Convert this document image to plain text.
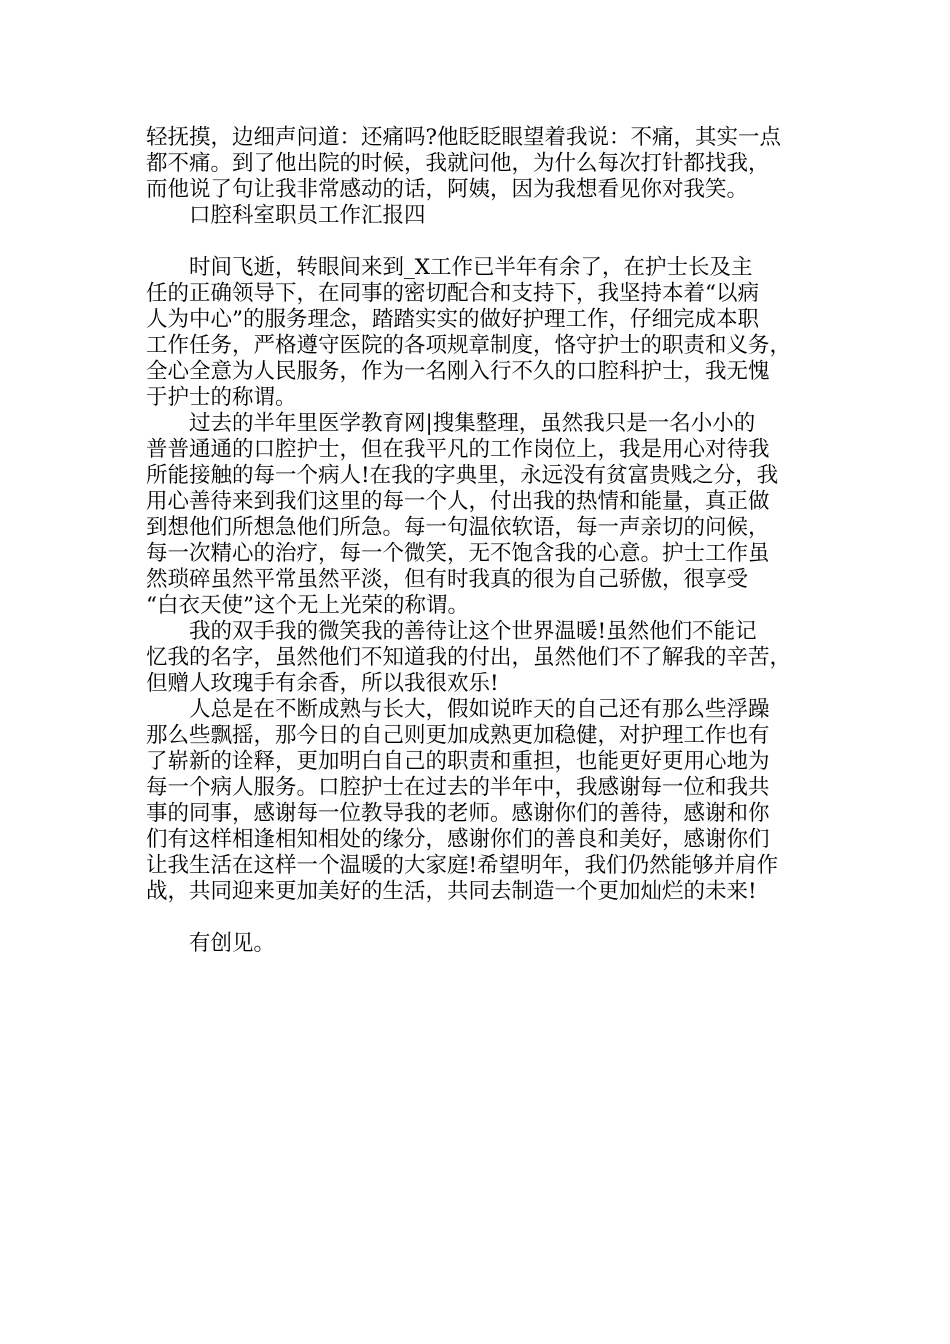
轻抚摸，边细声问道：还痛吗?他眨眨眼望着我说：不痛，其实一点
都不痛。到了他出院的时候，我就问他，为什么每次打针都找我，
而他说了句让我非常感动的话，阿姨，因为我想看见你对我笑。
　　口腔科室职员工作汇报四
　　时间飞逝，转眼间来到_X工作已半年有余了，在护士长及主
任的正确领导下，在同事的密切配合和支持下，我坚持本着“以病
人为中心”的服务理念，踏踏实实的做好护理工作，仔细完成本职
工作任务，严格遵守医院的各项规章制度，恪守护士的职责和义务，
全心全意为人民服务，作为一名刚入行不久的口腔科护士，我无愧
于护士的称谓。
　　过去的半年里医学教育网|搜集整理，虽然我只是一名小小的
普普通通的口腔护士，但在我平凡的工作岗位上，我是用心对待我
所能接触的每一个病人!在我的字典里，永远没有贫富贵贱之分，我
用心善待来到我们这里的每一个人，付出我的热情和能量，真正做
到想他们所想急他们所急。每一句温依软语，每一声亲切的问候，
每一次精心的治疗，每一个微笑，无不饱含我的心意。护士工作虽
然琐碎虽然平常虽然平淡，但有时我真的很为自己骄傲，很享受
“白衣天使”这个无上光荣的称谓。
　　我的双手我的微笑我的善待让这个世界温暖!虽然他们不能记
忆我的名字，虽然他们不知道我的付出，虽然他们不了解我的辛苦，
但赠人玫瑰手有余香，所以我很欢乐!
　　人总是在不断成熟与长大，假如说昨天的自己还有那么些浮躁
那么些飘摇，那今日的自己则更加成熟更加稳健，对护理工作也有
了崭新的诠释，更加明白自己的职责和重担，也能更好更用心地为
每一个病人服务。口腔护士在过去的半年中，我感谢每一位和我共
事的同事，感谢每一位教导我的老师。感谢你们的善待，感谢和你
们有这样相逢相知相处的缘分，感谢你们的善良和美好，感谢你们
让我生活在这样一个温暖的大家庭!希望明年，我们仍然能够并肩作
战，共同迎来更加美好的生活，共同去制造一个更加灿烂的未来!
　　有创见。
